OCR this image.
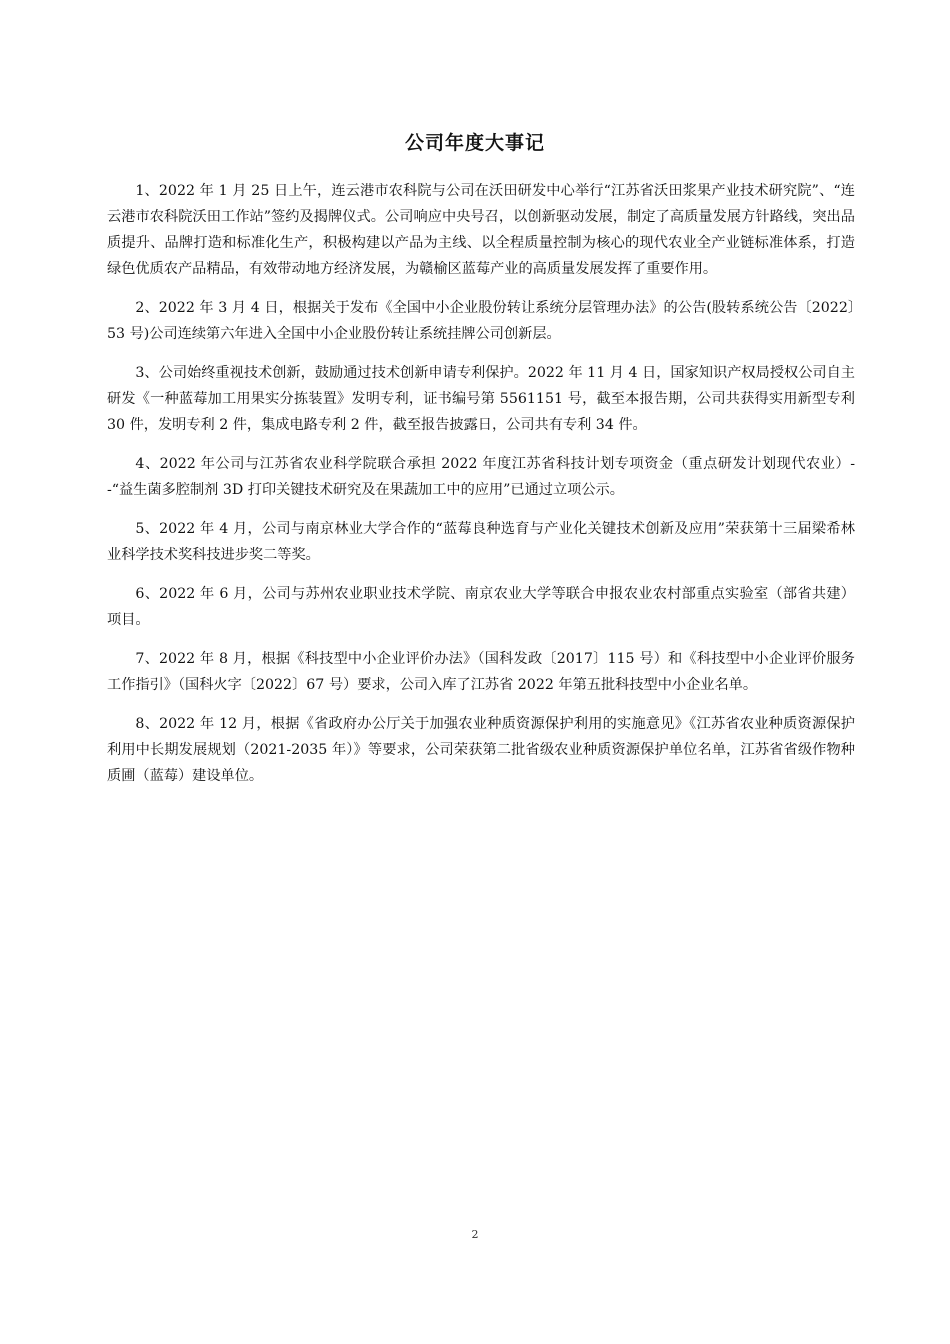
公司年度大事记

1、2022 年 1 月 25 日上午，连云港市农科院与公司在沃田研发中心举行“江苏省沃田浆果产业技术研究院”、“连云港市农科院沃田工作站”签约及揭牌仪式。公司响应中央号召，以创新驱动发展，制定了高质量发展方针路线，突出品质提升、品牌打造和标准化生产，积极构建以产品为主线、以全程质量控制为核心的现代农业全产业链标准体系，打造绿色优质农产品精品，有效带动地方经济发展，为赣榆区蓝莓产业的高质量发展发挥了重要作用。

2、2022 年 3 月 4 日，根据关于发布《全国中小企业股份转让系统分层管理办法》的公告(股转系统公告〔2022〕53 号)公司连续第六年进入全国中小企业股份转让系统挂牌公司创新层。

3、公司始终重视技术创新，鼓励通过技术创新申请专利保护。2022 年 11 月 4 日，国家知识产权局授权公司自主研发《一种蓝莓加工用果实分拣装置》发明专利，证书编号第 5561151 号，截至本报告期，公司共获得实用新型专利 30 件，发明专利 2 件，集成电路专利 2 件，截至报告披露日，公司共有专利 34 件。

4、2022 年公司与江苏省农业科学院联合承担 2022 年度江苏省科技计划专项资金（重点研发计划现代农业）--“益生菌多腔制剂 3D 打印关键技术研究及在果蔬加工中的应用”已通过立项公示。

5、2022 年 4 月，公司与南京林业大学合作的“蓝莓良种选育与产业化关键技术创新及应用”荣获第十三届梁希林业科学技术奖科技进步奖二等奖。

6、2022 年 6 月，公司与苏州农业职业技术学院、南京农业大学等联合申报农业农村部重点实验室（部省共建）项目。

7、2022 年 8 月，根据《科技型中小企业评价办法》（国科发政〔2017〕115 号）和《科技型中小企业评价服务工作指引》（国科火字〔2022〕67 号）要求，公司入库了江苏省 2022 年第五批科技型中小企业名单。

8、2022 年 12 月，根据《省政府办公厅关于加强农业种质资源保护利用的实施意见》《江苏省农业种质资源保护利用中长期发展规划（2021-2035 年）》等要求，公司荣获第二批省级农业种质资源保护单位名单，江苏省省级作物种质圃（蓝莓）建设单位。

2
